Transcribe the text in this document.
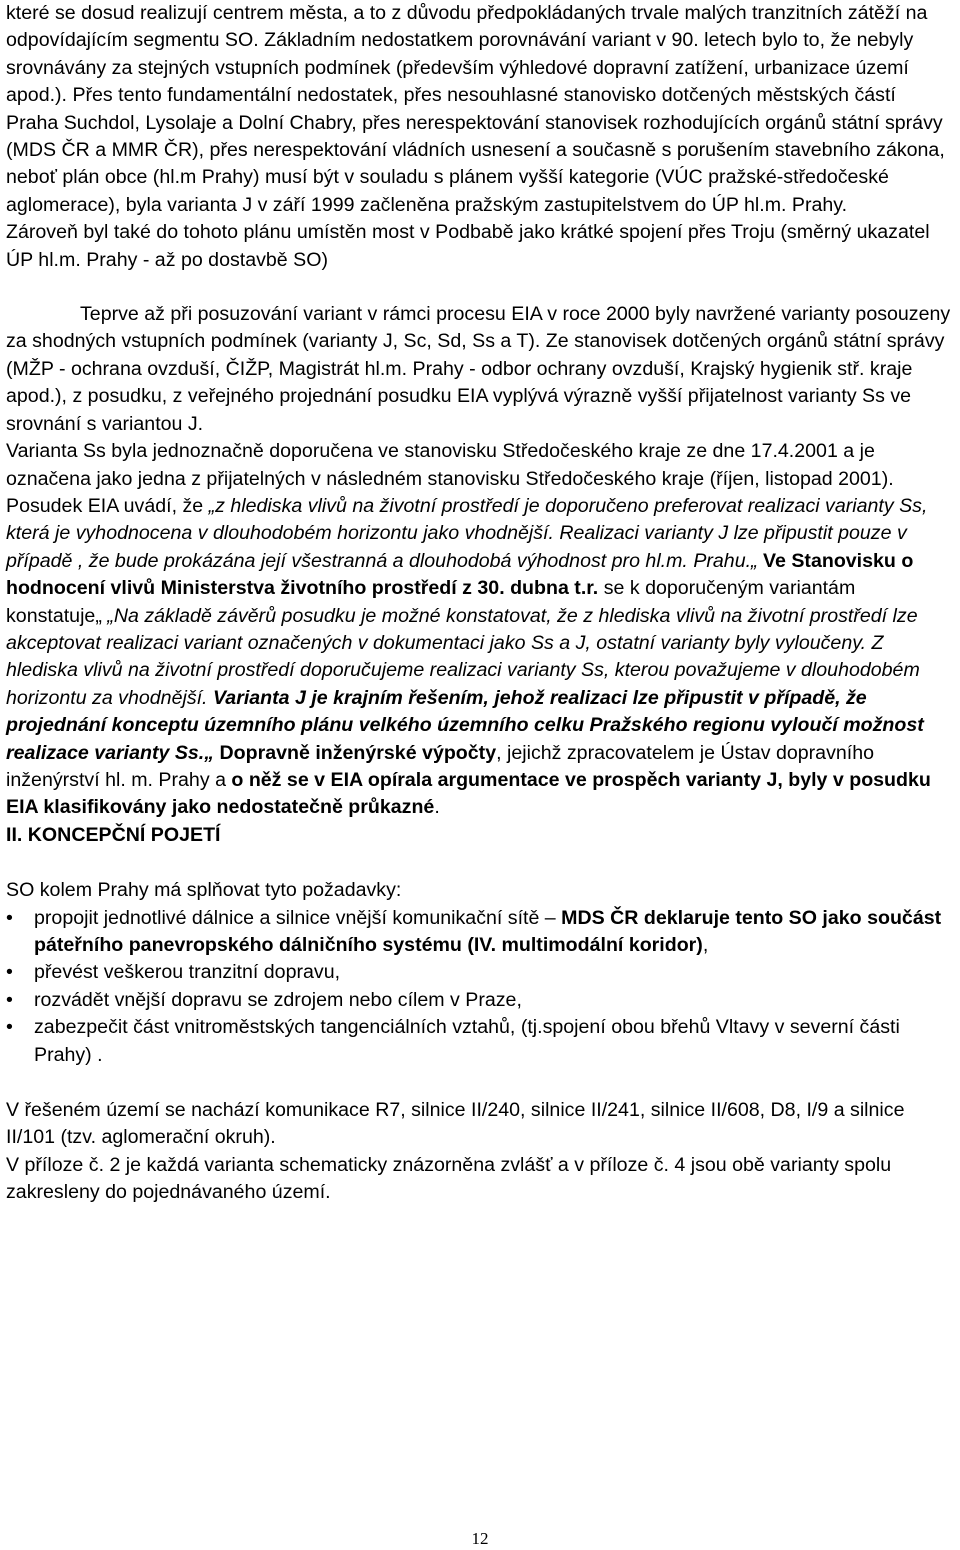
které se dosud realizují centrem města, a to z důvodu předpokládaných trvale malých tranzitních zátěží na odpovídajícím segmentu SO. Základním nedostatkem porovnávání variant v 90. letech bylo to, že nebyly srovnávány za stejných vstupních podmínek (především výhledové dopravní zatížení, urbanizace území apod.). Přes tento fundamentální nedostatek, přes nesouhlasné stanovisko dotčených městských částí Praha Suchdol, Lysolaje a Dolní Chabry, přes nerespektování stanovisek rozhodujících orgánů státní správy (MDS ČR a MMR ČR), přes nerespektování vládních usnesení a současně s porušením stavebního zákona, neboť plán obce (hl.m Prahy) musí být v souladu s plánem vyšší kategorie (VÚC pražské-středočeské aglomerace), byla varianta J v září 1999 začleněna pražským zastupitelstvem do ÚP hl.m. Prahy.
Zároveň byl také do tohoto plánu umístěn most v Podbabě jako krátké spojení přes Troju (směrný ukazatel ÚP hl.m. Prahy - až po dostavbě SO)

Teprve až při posuzování variant v rámci procesu EIA v roce 2000 byly navržené varianty posouzeny za shodných vstupních podmínek (varianty J, Sc, Sd, Ss a T). Ze stanovisek dotčených orgánů státní správy (MŽP - ochrana ovzduší, ČIŽP, Magistrát hl.m. Prahy - odbor ochrany ovzduší, Krajský hygienik stř. kraje apod.), z posudku, z veřejného projednání posudku EIA vyplývá výrazně vyšší přijatelnost varianty Ss ve srovnání s variantou J.
Varianta Ss byla jednoznačně doporučena ve stanovisku Středočeského kraje ze dne 17.4.2001 a je označena jako jedna z přijatelných v následném stanovisku Středočeského kraje (říjen, listopad 2001).
Posudek EIA uvádí, že „z hlediska vlivů na životní prostředí je doporučeno preferovat realizaci varianty Ss, která je vyhodnocena v dlouhodobém horizontu jako vhodnější. Realizaci varianty J lze připustit pouze v případě , že bude prokázána její všestranná a dlouhodobá výhodnost pro hl.m. Prahu.„ Ve Stanovisku o hodnocení vlivů Ministerstva životního prostředí z 30. dubna t.r. se k doporučeným variantám konstatuje„ „Na základě závěrů posudku je možné konstatovat, že z hlediska vlivů na životní prostředí lze akceptovat realizaci variant označených v dokumentaci jako Ss a J, ostatní varianty byly vyloučeny. Z hlediska vlivů na životní prostředí doporučujeme realizaci varianty Ss, kterou považujeme v dlouhodobém horizontu za vhodnější. Varianta J je krajním řešením, jehož realizaci lze připustit v případě, že projednání konceptu územního plánu velkého územního celku Pražského regionu vyloučí možnost realizace varianty Ss.„ Dopravně inženýrské výpočty, jejichž zpracovatelem je Ústav dopravního inženýrství hl. m. Prahy a o něž se v EIA opírala argumentace ve prospěch varianty J, byly v posudku EIA klasifikovány jako nedostatečně průkazné.

II. KONCEPČNÍ POJETÍ

SO kolem Prahy má splňovat tyto požadavky:

• propojit jednotlivé dálnice a silnice vnější komunikační sítě – MDS ČR deklaruje tento SO jako součást páteřního panevropského dálničního systému (IV. multimodální koridor),
• převést veškerou tranzitní dopravu,
• rozvádět vnější dopravu se zdrojem nebo cílem v Praze,
• zabezpečit část vnitroměstských tangenciálních vztahů, (tj.spojení obou břehů Vltavy v severní části Prahy) .

V řešeném území se nachází komunikace R7, silnice II/240, silnice II/241, silnice II/608, D8, I/9 a silnice II/101 (tzv. aglomerační okruh).
V příloze č. 2 je každá varianta schematicky znázorněna zvlášť a v příloze č. 4 jsou obě varianty spolu zakresleny do pojednávaného území.

12
